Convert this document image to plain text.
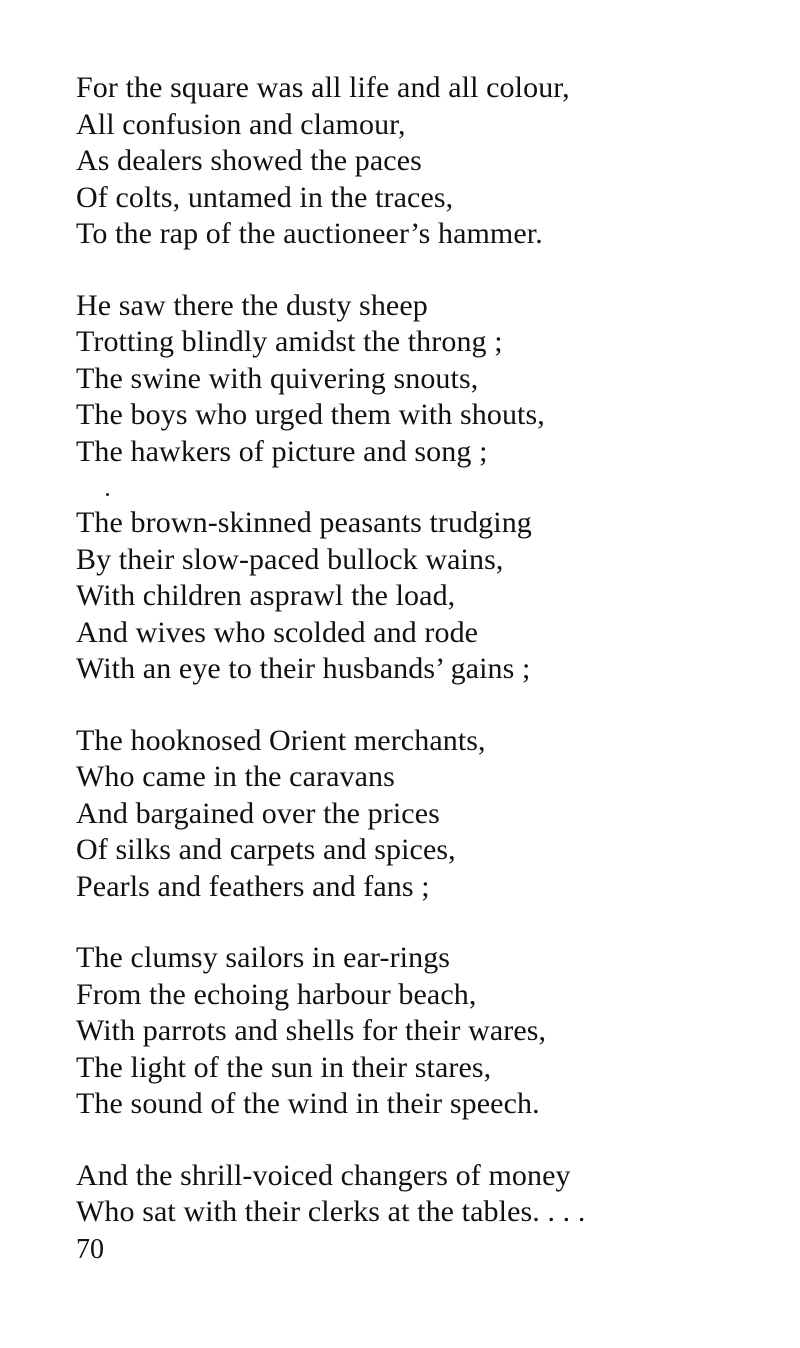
For the square was all life and all colour,
All confusion and clamour,
As dealers showed the paces
Of colts, untamed in the traces,
To the rap of the auctioneer’s hammer.
He saw there the dusty sheep
Trotting blindly amidst the throng ;
The swine with quivering snouts,
The boys who urged them with shouts,
The hawkers of picture and song ;
The brown-skinned peasants trudging
By their slow-paced bullock wains,
With children asprawl the load,
And wives who scolded and rode
With an eye to their husbands’ gains ;
The hooknosed Orient merchants,
Who came in the caravans
And bargained over the prices
Of silks and carpets and spices,
Pearls and feathers and fans ;
The clumsy sailors in ear-rings
From the echoing harbour beach,
With parrots and shells for their wares,
The light of the sun in their stares,
The sound of the wind in their speech.
And the shrill-voiced changers of money
Who sat with their clerks at the tables. . . .
70
